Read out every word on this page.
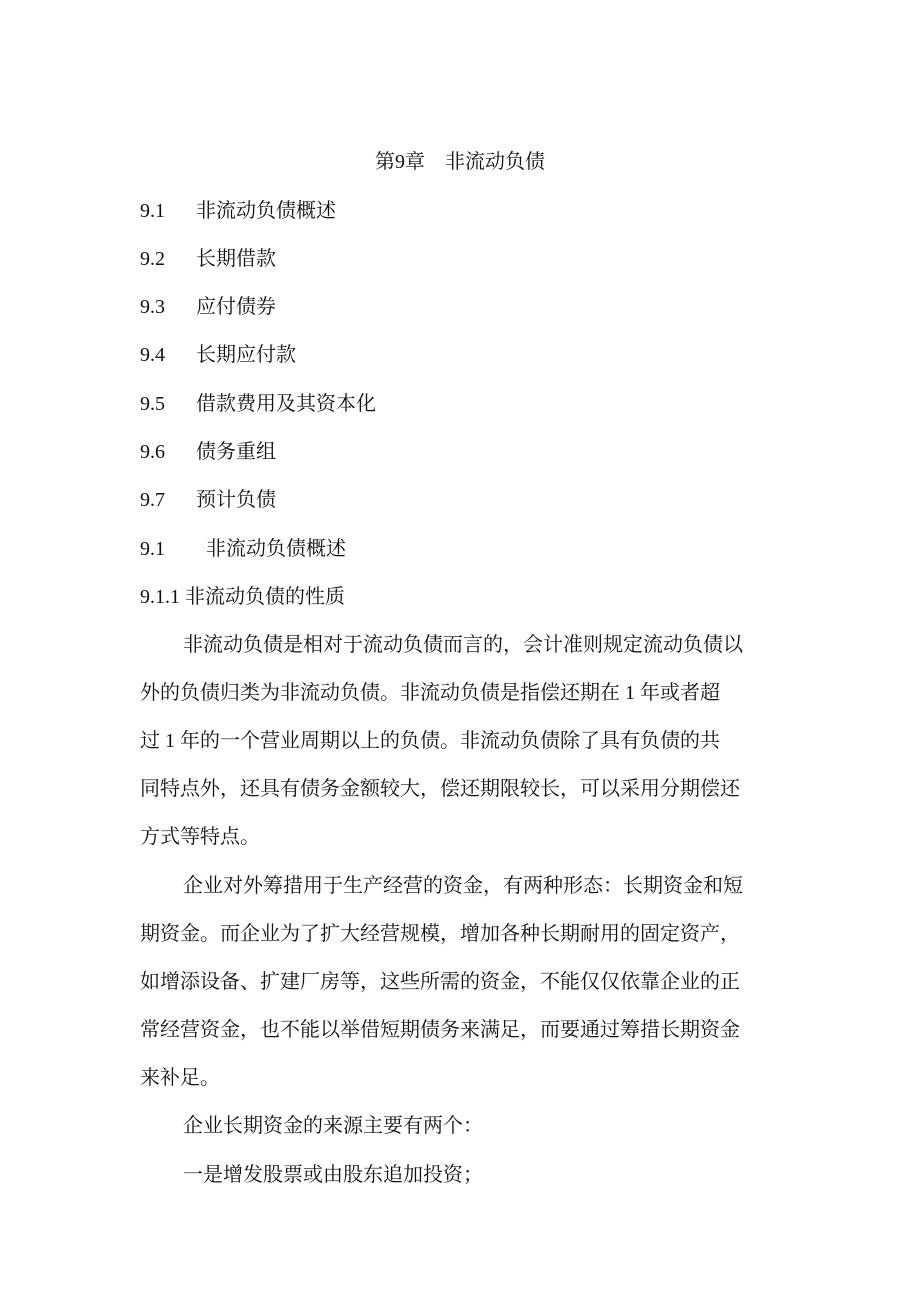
第9章 非流动负债
9.1 非流动负债概述
9.2 长期借款
9.3 应付债券
9.4 长期应付款
9.5 借款费用及其资本化
9.6 债务重组
9.7 预计负债
9.1 非流动负债概述
9.1.1 非流动负债的性质
非流动负债是相对于流动负债而言的，会计准则规定流动负债以
外的负债归类为非流动负债。非流动负债是指偿还期在 1 年或者超
过 1 年的一个营业周期以上的负债。非流动负债除了具有负债的共
同特点外，还具有债务金额较大，偿还期限较长，可以采用分期偿还
方式等特点。
企业对外筹措用于生产经营的资金，有两种形态：长期资金和短
期资金。而企业为了扩大经营规模，增加各种长期耐用的固定资产，
如增添设备、扩建厂房等，这些所需的资金，不能仅仅依靠企业的正
常经营资金，也不能以举借短期债务来满足，而要通过筹措长期资金
来补足。
企业长期资金的来源主要有两个：
一是增发股票或由股东追加投资；
